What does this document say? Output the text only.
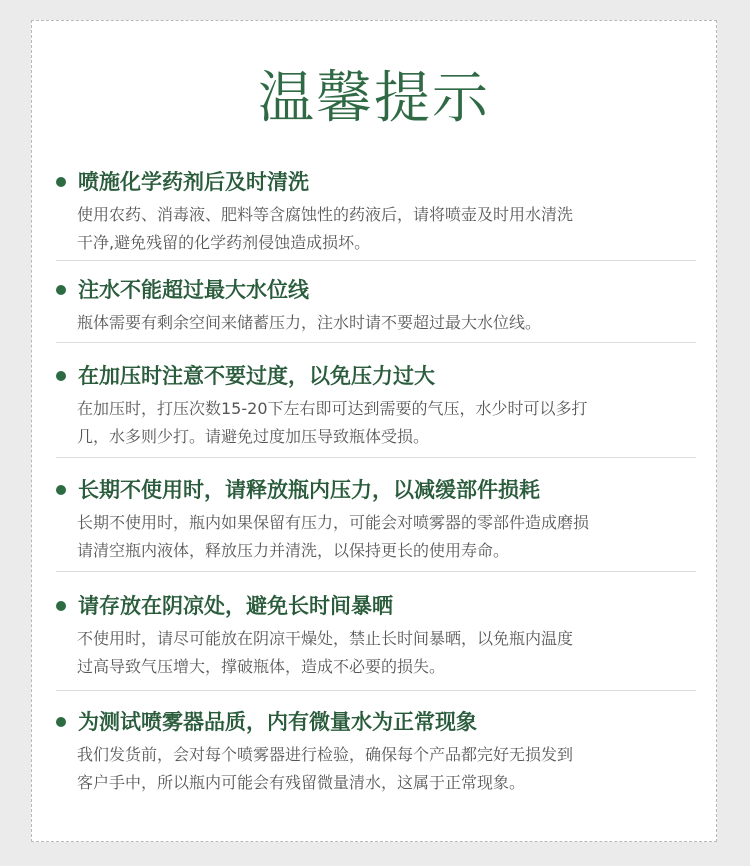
温馨提示
喷施化学药剂后及时清洗
使用农药、消毒液、肥料等含腐蚀性的药液后，请将喷壶及时用水清洗
干净,避免残留的化学药剂侵蚀造成损坏。
注水不能超过最大水位线
瓶体需要有剩余空间来储蓄压力，注水时请不要超过最大水位线。
在加压时注意不要过度，以免压力过大
在加压时，打压次数15-20下左右即可达到需要的气压，水少时可以多打
几，水多则少打。请避免过度加压导致瓶体受损。
长期不使用时，请释放瓶内压力，以减缓部件损耗
长期不使用时，瓶内如果保留有压力，可能会对喷雾器的零部件造成磨损
请清空瓶内液体，释放压力并清洗，以保持更长的使用寿命。
请存放在阴凉处，避免长时间暴晒
不使用时，请尽可能放在阴凉干燥处，禁止长时间暴晒，以免瓶内温度
过高导致气压增大，撑破瓶体，造成不必要的损失。
为测试喷雾器品质，内有微量水为正常现象
我们发货前，会对每个喷雾器进行检验，确保每个产品都完好无损发到
客户手中，所以瓶内可能会有残留微量清水，这属于正常现象。
